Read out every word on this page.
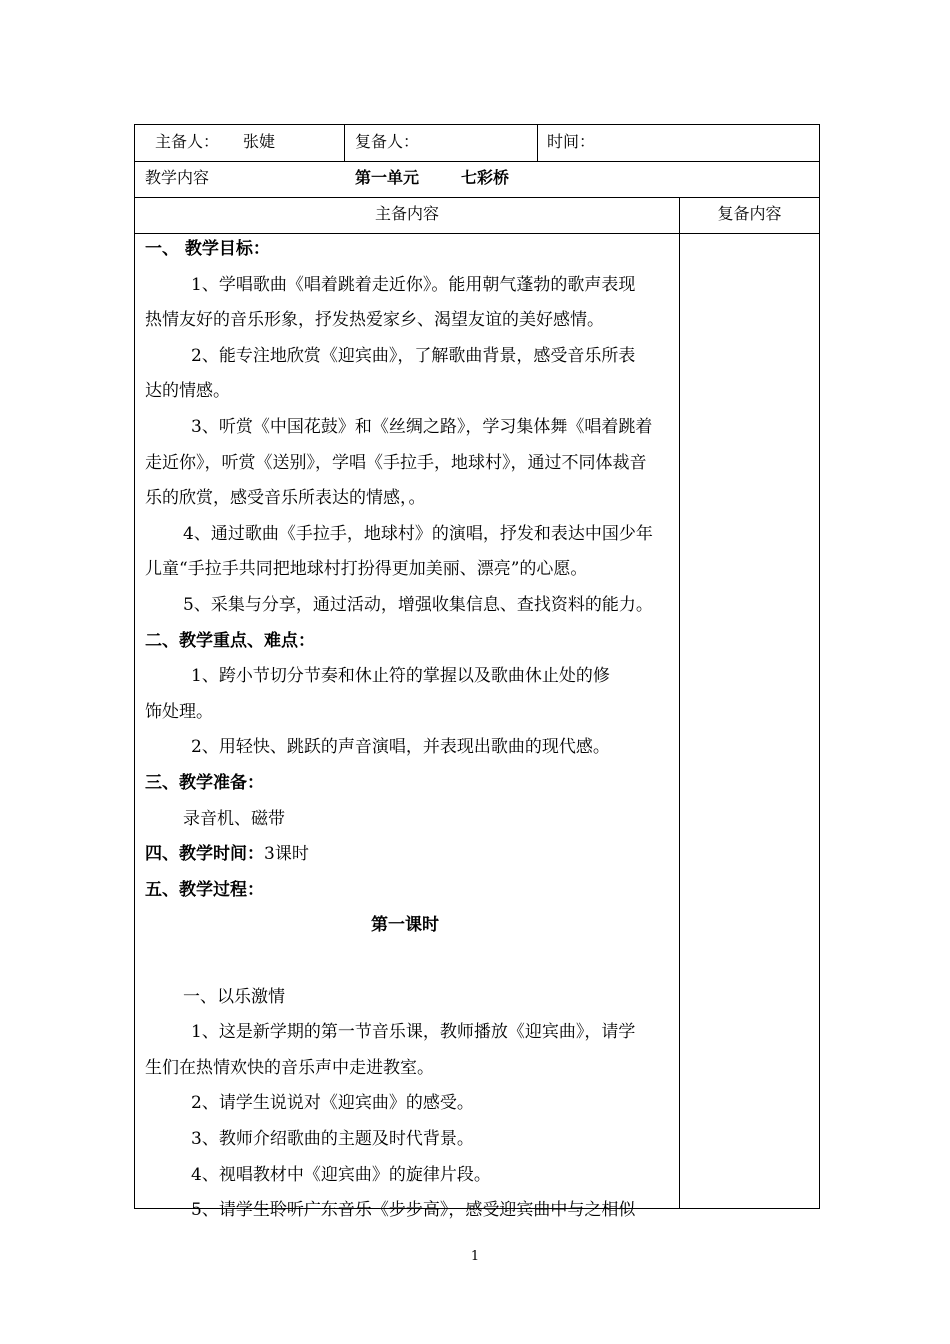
主备人： 张婕	复备人：	时间：
教学内容	第一单元	七彩桥
主备内容	复备内容
一、 教学目标：
1、学唱歌曲《唱着跳着走近你》。能用朝气蓬勃的歌声表现
热情友好的音乐形象，抒发热爱家乡、渴望友谊的美好感情。
2、能专注地欣赏《迎宾曲》，了解歌曲背景，感受音乐所表
达的情感。
3、听赏《中国花鼓》和《丝绸之路》，学习集体舞《唱着跳着
走近你》，听赏《送别》，学唱《手拉手，地球村》，通过不同体裁音
乐的欣赏，感受音乐所表达的情感，。
4、通过歌曲《手拉手，地球村》的演唱，抒发和表达中国少年
儿童“手拉手共同把地球村打扮得更加美丽、漂亮”的心愿。
5、采集与分享，通过活动，增强收集信息、查找资料的能力。
二、教学重点、难点：
1、跨小节切分节奏和休止符的掌握以及歌曲休止处的修
饰处理。
2、用轻快、跳跃的声音演唱，并表现出歌曲的现代感。
三、教学准备：
录音机、磁带
四、教学时间：3课时
五、教学过程：
第一课时
一、以乐激情
1、这是新学期的第一节音乐课，教师播放《迎宾曲》，请学
生们在热情欢快的音乐声中走进教室。
2、请学生说说对《迎宾曲》的感受。
3、教师介绍歌曲的主题及时代背景。
4、视唱教材中《迎宾曲》的旋律片段。
5、请学生聆听广东音乐《步步高》，感受迎宾曲中与之相似
1
